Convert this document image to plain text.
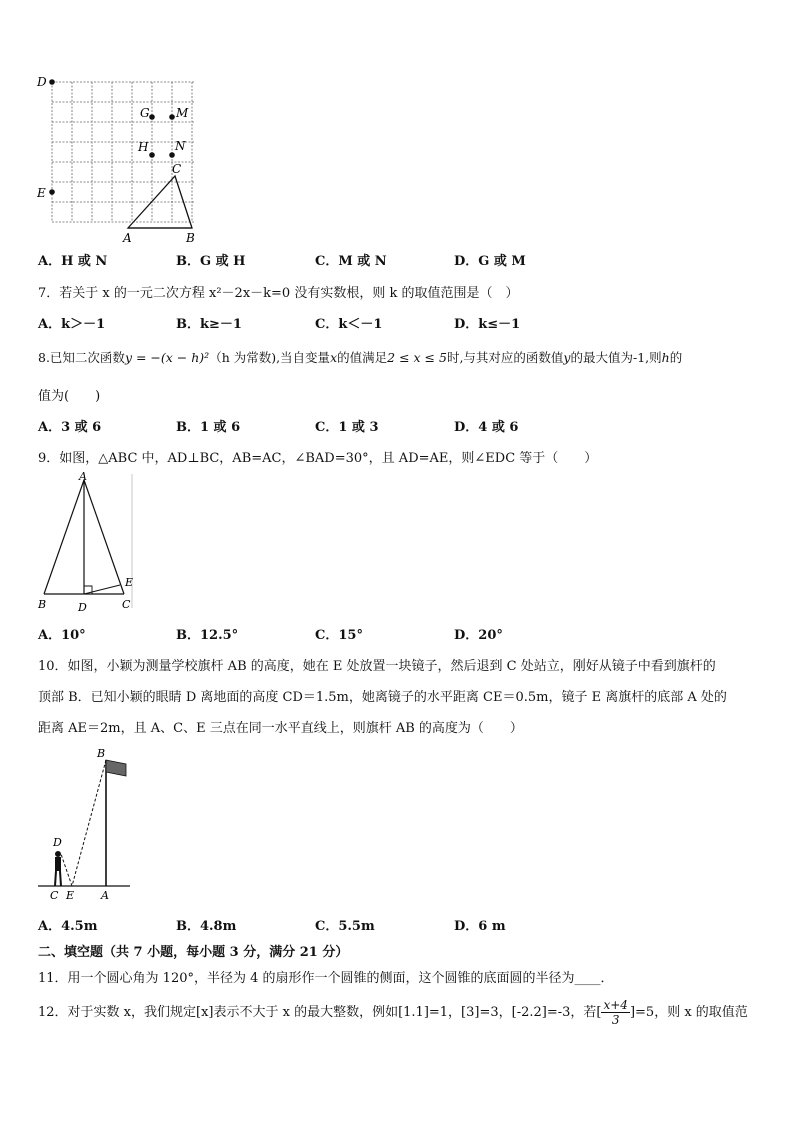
D
E
G M
H N
C
A	B
A．H 或 N	B．G 或 H	C．M 或 N	D．G 或 M
7．若关于 x 的一元二次方程 x²－2x－k=0 没有实数根，则 k 的取值范围是（　）
A．k＞－1	B．k≥－1	C．k＜－1	D．k≤－1
8.已知二次函数y = −(x − h)²（h 为常数),当自变量x的值满足2 ≤ x ≤ 5时,与其对应的函数值y的最大值为-1,则h的
值为(　　)
A．3 或 6	B．1 或 6	C．1 或 3	D．4 或 6
9．如图，△ABC 中，AD⊥BC，AB=AC，∠BAD=30°，且 AD=AE，则∠EDC 等于（　　）
A
B	C
D
E
A．10°	B．12.5°	C．15°	D．20°
10．如图，小颖为测量学校旗杆 AB 的高度，她在 E 处放置一块镜子，然后退到 C 处站立，刚好从镜子中看到旗杆的
顶部 B．已知小颖的眼睛 D 离地面的高度 CD＝1.5m，她离镜子的水平距离 CE＝0.5m，镜子 E 离旗杆的底部 A 处的
距离 AE＝2m，且 A、C、E 三点在同一水平直线上，则旗杆 AB 的高度为（　　）
B
D
C E A
A．4.5m	B．4.8m	C．5.5m	D．6 m
二、填空题（共 7 小题，每小题 3 分，满分 21 分）
11．用一个圆心角为 120°，半径为 4 的扇形作一个圆锥的侧面，这个圆锥的底面圆的半径为____．
12．对于实数 x，我们规定[x]表示不大于 x 的最大整数，例如[1.1]=1，[3]=3，[-2.2]=-3，若[ $\frac{x+4}{3} ]=5$，则 x 的取值范
